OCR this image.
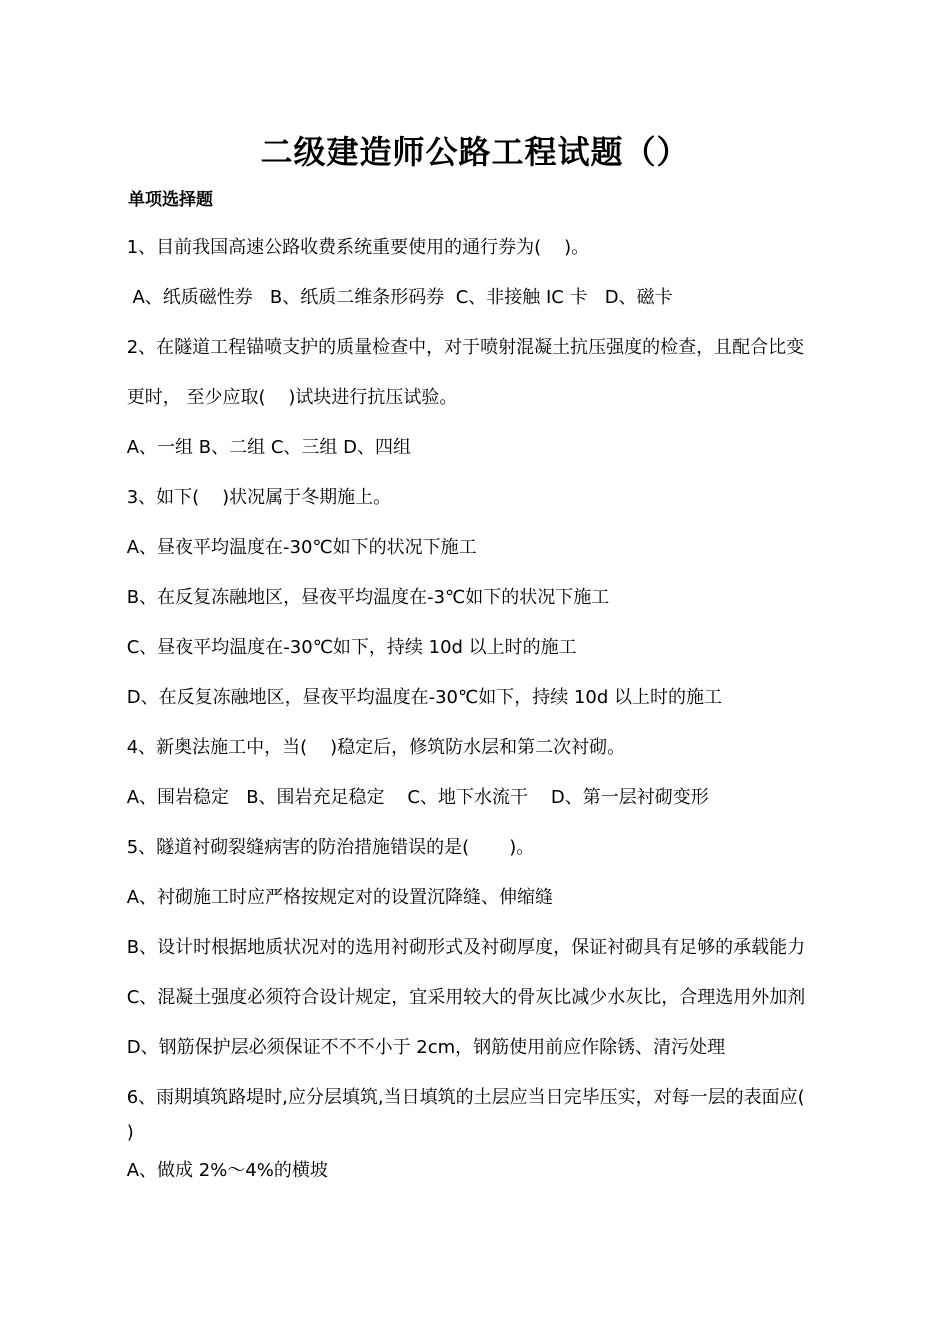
二级建造师公路工程试题（）
单项选择题
1、目前我国高速公路收费系统重要使用的通行券为(    )。
A、纸质磁性券   B、纸质二维条形码券  C、非接触 IC 卡   D、磁卡
2、在隧道工程锚喷支护的质量检查中，对于喷射混凝土抗压强度的检查，且配合比变
更时， 至少应取(    )试块进行抗压试验。
A、一组 B、二组 C、三组 D、四组
3、如下(    )状况属于冬期施上。
A、昼夜平均温度在-30℃如下的状况下施工
B、在反复冻融地区，昼夜平均温度在-3℃如下的状况下施工
C、昼夜平均温度在-30℃如下，持续 10d 以上时的施工
D、在反复冻融地区，昼夜平均温度在-30℃如下，持续 10d 以上时的施工
4、新奥法施工中，当(    )稳定后，修筑防水层和第二次衬砌。
A、围岩稳定   B、围岩充足稳定    C、地下水流干    D、第一层衬砌变形
5、隧道衬砌裂缝病害的防治措施错误的是(       )。
A、衬砌施工时应严格按规定对的设置沉降缝、伸缩缝
B、设计时根据地质状况对的选用衬砌形式及衬砌厚度，保证衬砌具有足够的承载能力
C、混凝土强度必须符合设计规定，宜采用较大的骨灰比减少水灰比，合理选用外加剂
D、钢筋保护层必须保证不不不小于 2cm，钢筋使用前应作除锈、清污处理
6、雨期填筑路堤时,应分层填筑,当日填筑的土层应当日完毕压实，对每一层的表面应(
)
A、做成 2%～4%的横坡
